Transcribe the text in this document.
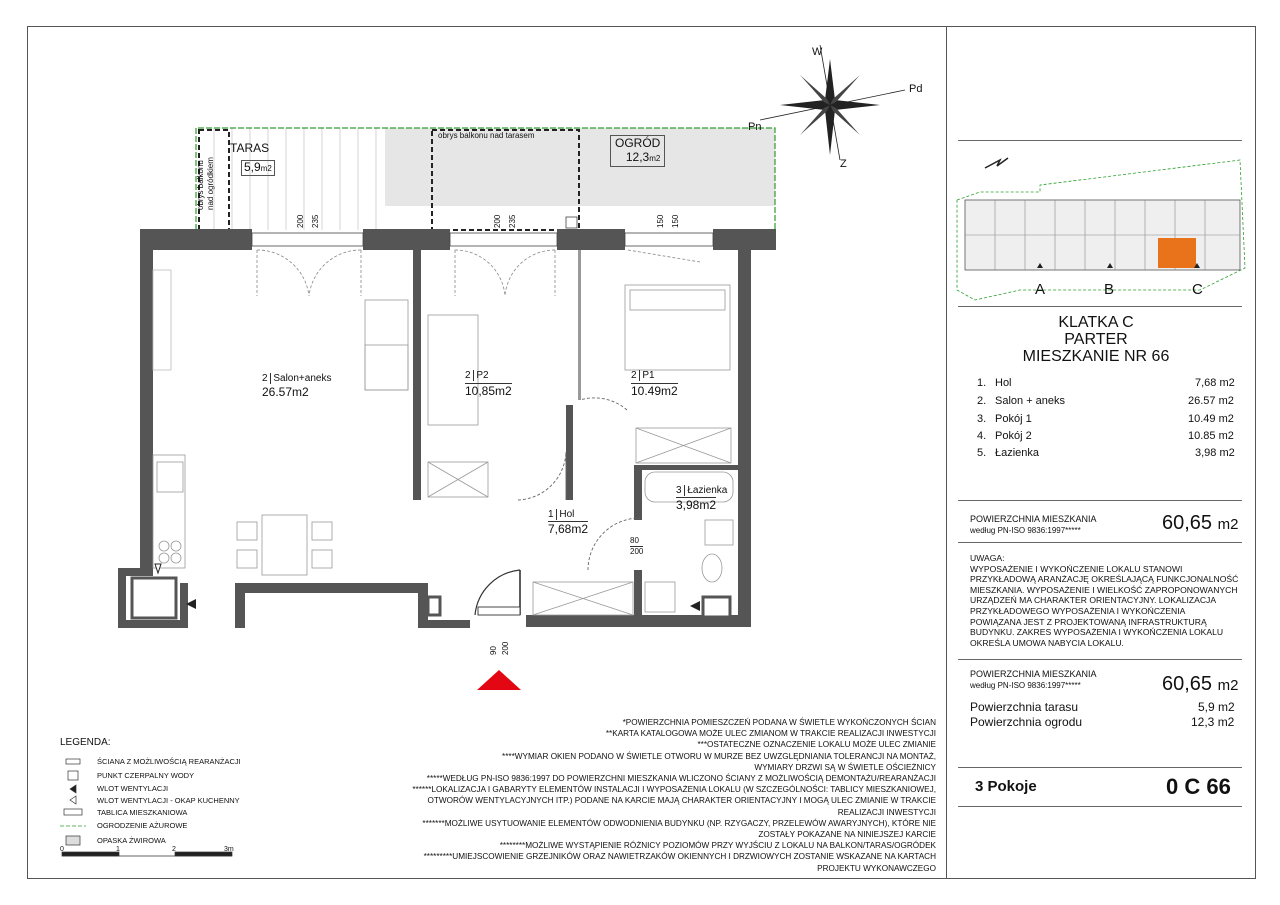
W
Pd
Z
Pn
TARAS
5,9m2
obrys balkonu nad ogródkiem
obrys balkonu nad tarasem
OGRÓD
12,3m2
200 235	200 235	150 150
2 Salon+aneks
26.57m2
2 P2
10,85m2
2 P1
10.49m2
3 Łazienka
3,98m2
1 Hol
7,68m2
80
200
90 200
A	B	C
KLATKA C
PARTER
MIESZKANIE NR 66
1. Hol	7,68 m2
2. Salon + aneks	26.57 m2
3. Pokój 1	10.49 m2
4. Pokój 2	10.85 m2
5. Łazienka	3,98 m2
POWIERZCHNIA MIESZKANIA
według PN-ISO 9836:1997*****	60,65 m2
UWAGA:
WYPOSAŻENIE I WYKOŃCZENIE LOKALU STANOWI
PRZYKŁADOWĄ ARANŻACJĘ OKREŚLAJĄCĄ FUNKCJONALNOŚĆ
MIESZKANIA. WYPOSAŻENIE I WIELKOŚĆ ZAPROPONOWANYCH
URZĄDZEŃ MA CHARAKTER ORIENTACYJNY. LOKALIZACJA
PRZYKŁADOWEGO WYPOSAŻENIA I WYKOŃCZENIA
POWIĄZANA JEST Z PROJEKTOWANĄ INFRASTRUKTURĄ
BUDYNKU. ZAKRES WYPOSAŻENIA I WYKOŃCZENIA LOKALU
OKREŚLA UMOWA NABYCIA LOKALU.
POWIERZCHNIA MIESZKANIA
według PN-ISO 9836:1997*****	60,65 m2
Powierzchnia tarasu	5,9 m2
Powierzchnia ogrodu	12,3 m2
3 Pokoje	0 C 66
*POWIERZCHNIA POMIESZCZEŃ PODANA W ŚWIETLE WYKOŃCZONYCH ŚCIAN
**KARTA KATALOGOWA MOŻE ULEC ZMIANOM W TRAKCIE REALIZACJI INWESTYCJI
***OSTATECZNE OZNACZENIE LOKALU MOŻE ULEC ZMIANIE
****WYMIAR OKIEN PODANO W ŚWIETLE OTWORU W MURZE BEZ UWZGLĘDNIANIA TOLERANCJI NA MONTAŻ,
WYMIARY DRZWI SĄ W ŚWIETLE OŚCIEŻNICY
*****WEDŁUG PN-ISO 9836:1997 DO POWIERZCHNI MIESZKANIA WLICZONO ŚCIANY Z MOŻLIWOŚCIĄ DEMONTAŻU/REARANŻACJI
******LOKALIZACJA I GABARYTY ELEMENTÓW INSTALACJI I WYPOSAŻENIA LOKALU (W SZCZEGÓLNOŚCI: TABLICY MIESZKANIOWEJ,
OTWORÓW WENTYLACYJNYCH ITP.) PODANE NA KARCIE MAJĄ CHARAKTER ORIENTACYJNY I MOGĄ ULEC ZMIANIE W TRAKCIE
REALIZACJI INWESTYCJI
*******MOŻLIWE USYTUOWANIE ELEMENTÓW ODWODNIENIA BUDYNKU (NP. RZYGACZY, PRZELEWÓW AWARYJNYCH), KTÓRE NIE
ZOSTAŁY POKAZANE NA NINIEJSZEJ KARCIE
********MOŻLIWE WYSTĄPIENIE RÓŻNICY POZIOMÓW PRZY WYJŚCIU Z LOKALU NA BALKON/TARAS/OGRÓDEK
*********UMIEJSCOWIENIE GRZEJNIKÓW ORAZ NAWIETRZAKÓW OKIENNYCH I DRZWIOWYCH ZOSTANIE WSKAZANE NA KARTACH
PROJEKTU WYKONAWCZEGO
LEGENDA:
ŚCIANA Z MOŻLIWOŚCIĄ REARANŻACJI
PUNKT CZERPALNY WODY
WLOT WENTYLACJI
WLOT WENTYLACJI - OKAP KUCHENNY
TABLICA MIESZKANIOWA
OGRODZENIE AŻUROWE
OPASKA ŻWIROWA
0	1	2	3m
